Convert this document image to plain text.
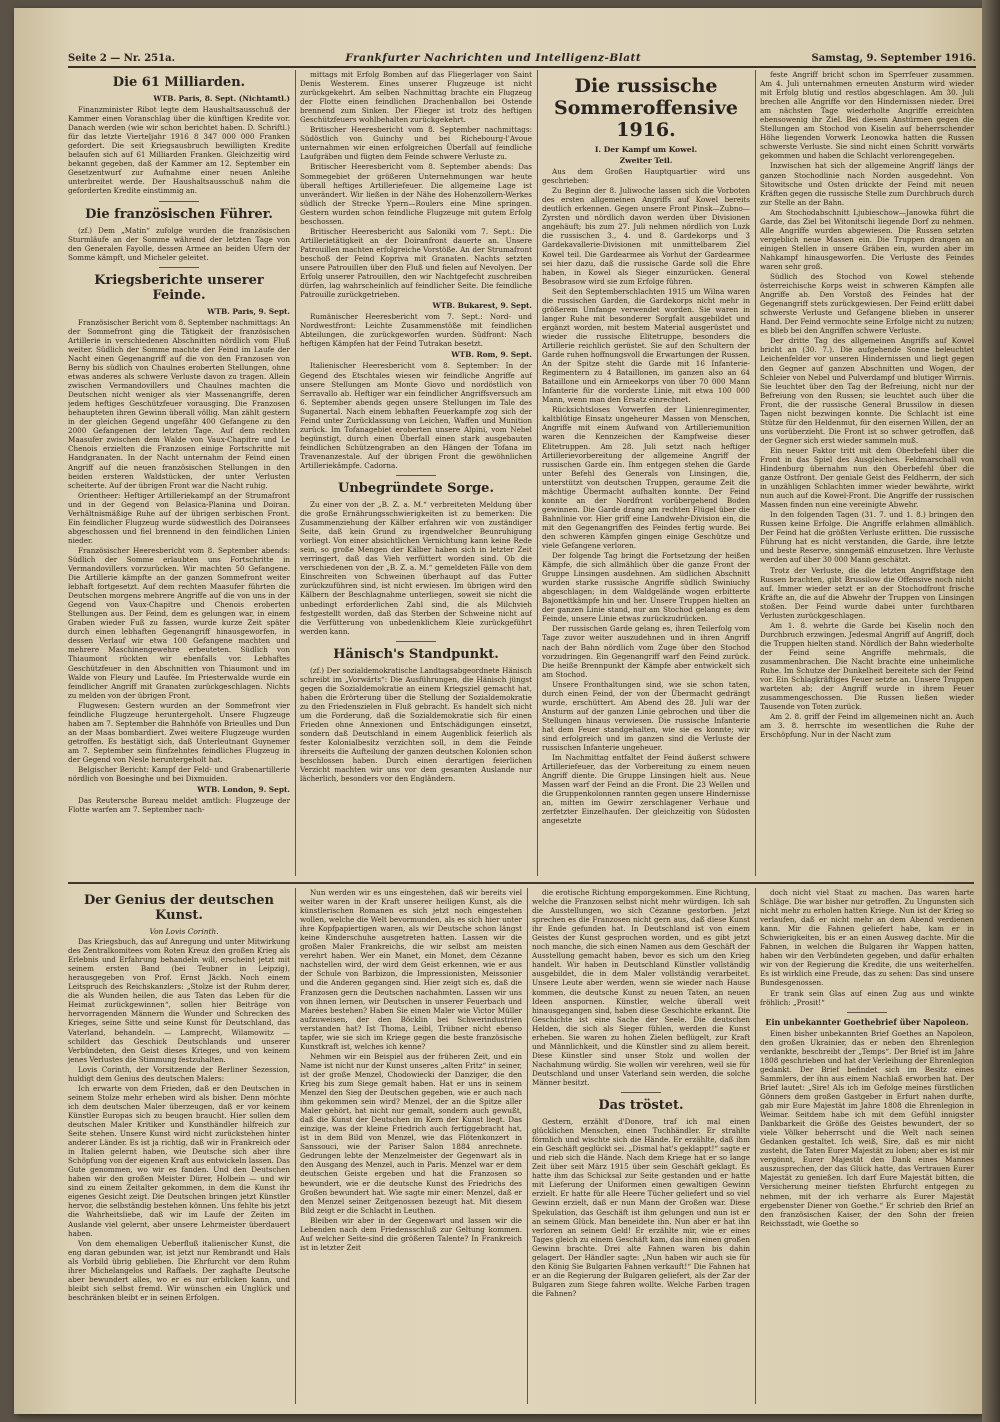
Seite 2 — Nr. 251a.	Frankfurter Nachrichten und Intelligenz-Blatt	Samstag, 9. September 1916.
Die 61 Milliarden.

WTB. Paris, 8. Sept. (Nichtamtl.)

Finanzminister Ribot legte dem Haushaltsausschuß der Kammer einen Voranschlag über die künftigen Kredite vor. Danach werden (wie wir schon berichtet haben. D. Schriftl.) für das letzte Vierteljahr 1916 8 347 000 000 Franken gefordert. Die seit Kriegsausbruch bewilligten Kredite belaufen sich auf 61 Milliarden Franken. Gleichzeitig wird bekannt gegeben, daß der Kammer am 12. September ein Gesetzentwurf zur Aufnahme einer neuen Anleihe unterbreitet werde. Der Haushaltsausschuß nahm die geforderten Kredite einstimmig an.

Die französischen Führer.

(zf.) Dem „Matin“ zufolge wurden die französischen Sturmläufe an der Somme während der letzten Tage von den Generalen Fayolle, dessen Armee an beiden Ufern der Somme kämpft, und Micheler geleitet.

Kriegsberichte unserer Feinde.

WTB. Paris, 9. Sept.

Französischer Bericht vom 8. September nachmittags: An der Sommefront ging die Tätigkeit der französischen Artillerie in verschiedenen Abschnitten nördlich vom Fluß weiter. Südlich der Somme machte der Feind im Laufe der Nacht einen Gegenangriff auf die von den Franzosen von Berny bis südlich von Chaulnes eroberten Stellungen, ohne etwas anderes als schwere Verluste davon zu tragen. Allein zwischen Vermandovillers und Chaulnes machten die Deutschen nicht weniger als vier Massenangriffe, deren jedem heftiges Geschützfeuer vorausging. Die Franzosen behaupteten ihren Gewinn überall völlig. Man zählt gestern in der gleichen Gegend ungefähr 400 Gefangene zu den 2000 Gefangenen der letzten Tage. Auf dem rechten Maasufer zwischen dem Walde von Vaux-Chapitre und Le Chenois erzielten die Franzosen einige Fortschritte mit Handgranaten. In der Nacht unternahm der Feind einen Angriff auf die neuen französischen Stellungen in den beiden ersteren Waldstücken, der unter Verlusten scheiterte. Auf der übrigen Front war die Nacht ruhig.

Orientheer: Heftiger Artilleriekampf an der Strumafront und in der Gegend von Belasica-Planina und Doiran. Verhältnismäßige Ruhe auf der übrigen serbischen Front. Ein feindlicher Flugzeug wurde südwestlich des Doiransees abgeschossen und fiel brennend in den feindlichen Linien nieder.

Französischer Heeresbericht vom 8. September abends: Südlich der Somme erlaubten uns Fortschritte in Vermandovillers vorzurücken. Wir machten 50 Gefangene. Die Artillerie kämpfte an der ganzen Sommefront weiter lebhaft fortgesetzt. Auf dem rechten Maasufer führten die Deutschen morgens mehrere Angriffe auf die von uns in der Gegend von Vaux-Chapitre und Chenois eroberten Stellungen aus. Der Feind, dem es gelungen war, in einem Graben wieder Fuß zu fassen, wurde kurze Zeit später durch einen lebhaften Gegenangriff hinausgeworfen, in dessen Verlauf wir etwa 100 Gefangene machten und mehrere Maschinengewehre erbeuteten. Südlich von Thiaumont rückten wir ebenfalls vor. Lebhaftes Geschützfeuer in den Abschnitten von Thiaumont und im Walde von Fleury und Laufée. Im Priesterwalde wurde ein feindlicher Angriff mit Granaten zurückgeschlagen. Nichts zu melden von der übrigen Front.

Flugwesen: Gestern wurden an der Sommefront vier feindliche Flugzeuge heruntergeholt. Unsere Flugzeuge haben am 7. September die Bahnhöfe von Brieulles und Dun an der Maas bombardiert. Zwei weitere Flugzeuge wurden getroffen. Es bestätigt sich, daß Unterleutnant Guynemer am 7. September sein fünfzehntes feindliches Flugzeug in der Gegend von Nesle heruntergeholt hat.

Belgischer Bericht: Kampf der Feld- und Grabenartillerie nördlich von Boesinghe und bei Dixmuiden.

WTB. London, 9. Sept.

Das Reutersche Bureau meldet amtlich: Flugzeuge der Flotte warfen am 7. September nach-

mittags mit Erfolg Bomben auf das Fliegerlager von Saint Denis Westerem. Eines unserer Flugzeuge ist nicht zurückgekehrt. Am selben Nachmittag brachte ein Flugzeug der Flotte einen feindlichen Drachenballon bei Ostende brennend zum Sinken. Der Flieger ist trotz des heftigen Geschützfeuers wohlbehalten zurückgekehrt.

Britischer Heeresbericht vom 8. September nachmittags: Südöstlich von Guinchy und bei Richebourg-l'Avoue unternahmen wir einen erfolgreichen Überfall auf feindliche Laufgräben und fügten dem Feinde schwere Verluste zu.

Britischer Heeresbericht vom 8. September abends: Das Sommegebiet der größeren Unternehmungen war heute überall heftiges Artilleriefeuer. Die allgemeine Lage ist unverändert. Wir ließen in der Nähe des Hohenzollern-Werkes südlich der Strecke Ypern—Roulers eine Mine springen. Gestern wurden schon feindliche Flugzeuge mit gutem Erfolg beschossen.

Britischer Heeresbericht aus Saloniki vom 7. Sept.: Die Artillerietätigkeit an der Doiranfront dauerte an. Unsere Patrouillen machten erfolgreiche Vorstöße. An der Strumafront beschoß der Feind Kopriva mit Granaten. Nachts setzten unsere Patrouillen über den Fluß und fielen auf Nevolyen. Der Erfolg unserer Patrouillen, den wir Nachtgefecht zuschreiben dürfen, lag wahrscheinlich auf feindlicher Seite. Die feindliche Patrouille zurückgetrieben.

WTB. Bukarest, 9. Sept.

Rumänischer Heeresbericht vom 7. Sept.: Nord- und Nordwestfront: Leichte Zusammenstöße mit feindlichen Abteilungen, die zurückgeworfen wurden. Südfront: Nach heftigen Kämpfen hat der Feind Tutrakan besetzt.

WTB. Rom, 9. Sept.

Italienischer Heeresbericht vom 8. September: In der Gegend des Etschtales wiesen wir feindliche Angriffe auf unsere Stellungen am Monte Giovo und nordöstlich von Serravallo ab. Heftiger war ein feindlicher Angriffsversuch am 6. September abends gegen unsere Stellungen im Tale des Suganertal. Nach einem lebhaften Feuerkampfe zog sich der Feind unter Zurücklassung von Leichen, Waffen und Munition zurück. Im Tofanagebiet eroberten unsere Alpini, vom Nebel begünstigt, durch einen Überfall einen stark ausgebauten feindlichen Schützengraben an den Hängen der Tofana im Travenanzestale. Auf der übrigen Front die gewöhnlichen Artilleriekämpfe. Cadorna.

Unbegründete Sorge.

Zu einer von der „B. Z. a. M.“ verbreiteten Meldung über die große Ernährungsschwierigkeiten ist zu bemerken: Die Zusammenziehung der Kälber erfahren wir von zuständiger Seite, daß kein Grund zu irgendwelcher Beunruhigung vorliegt. Von einer absichtlichen Vernichtung kann keine Rede sein, so große Mengen der Kälber haben sich in letzter Zeit verringert, daß das Vieh verfüttert worden sind. Ob die verschiedenen von der „B. Z. a. M.“ gemeldeten Fälle von dem Einschreiten von Schweinen überhaupt auf das Futter zurückzuführen sind, ist nicht erwiesen. Im übrigen wird den Kälbern der Beschlagnahme unterliegen, soweit sie nicht die unbedingt erforderlichen Zahl sind, die als Milchvieh festgestellt worden, daß das Sterben der Schweine nicht auf die Verfütterung von unbedenklichem Kleie zurückgeführt werden kann.

Hänisch's Standpunkt.

(zf.) Der sozialdemokratische Landtagsabgeordnete Hänisch schreibt im „Vorwärts“: Die Ausführungen, die Hänisch jüngst gegen die Sozialdemokratie an einem Kriegsziel gemacht hat, haben die Erörterung über die Stellung der Sozialdemokratie zu den Friedenszielen in Fluß gebracht. Es handelt sich nicht um die Forderung, daß die Sozialdemokratie sich für einen Frieden ohne Annexionen und Entschädigungen einsetzt, sondern daß Deutschland in einem Augenblick feierlich als fester Kolonialbesitz verzichten soll, in dem die Feinde ihrerseits die Aufteilung der ganzen deutschen Kolonien schon beschlossen haben. Durch einen derartigen feierlichen Verzicht machten wir uns vor dem gesamten Auslande nur lächerlich, besonders vor den Engländern.

Die russische Sommeroffensive 1916.
I. Der Kampf um Kowel.
Zweiter Teil.

Aus dem Großen Hauptquartier wird uns geschrieben:

Zu Beginn der 8. Juliwoche lassen sich die Vorboten des ersten allgemeinen Angriffs auf Kowel bereits deutlich erkennen. Gegen unsere Front Pinsk—Zubno—Zyrsten und nördlich davon werden über Divisionen angehäuft; bis zum 27. Juli nehmen nördlich von Luzk die russischen 3., 4. und 8. Gardekorps und 3 Gardekavallerie-Divisionen mit unmittelbarem Ziel Kowel teil. Die Gardearmee als Vorhut der Gardearmee sei hier dazu, daß die russische Garde soll die Ehre haben, in Kowel als Sieger einzurücken. General Besobrasow wird sie zum Erfolge führen.

Seit den Septemberschlachten 1915 um Wilna waren die russischen Garden, die Gardekorps nicht mehr in größerem Umfange verwendet worden. Sie waren in langer Ruhe mit besonderer Sorgfalt ausgebildet und ergänzt worden, mit bestem Material ausgerüstet und wieder die russische Elitetruppe, besonders die Artillerie reichlich gerüstet. Sie auf den Schultern der Garde ruhen hoffnungsvoll die Erwartungen der Russen. An der Spitze steht die Garde mit 16 Infanterie-Regimentern zu 4 Bataillonen, im ganzen also an 64 Bataillone und ein Armeekorps von über 70 000 Mann Infanterie für die vorderste Linie, mit etwa 100 000 Mann, wenn man den Ersatz einrechnet.

Rücksichtsloses Vorwerfen der Linienregimenter, kaltblütige Einsatz ungeheurer Massen von Menschen, Angriffe mit einem Aufwand von Artilleriemunition waren die Kennzeichen der Kampfweise dieser Elitetruppen. Am 28. Juli setzt nach heftiger Artillerievorbereitung der allgemeine Angriff der russischen Garde ein. Ihm entgegen stehen die Garde unter Befehl des Generals von Linsingen, die, unterstützt von deutschen Truppen, geraume Zeit die mächtige Übermacht aufhalten konnte. Der Feind konnte an der Nordfront vorübergehend Boden gewinnen. Die Garde drang am rechten Flügel über die Bahnlinie vor. Hier griff eine Landwehr-Division ein, die mit den Gegenangriffen des Feindes fertig wurde. Bei den schweren Kämpfen gingen einige Geschütze und viele Gefangene verloren.

Der folgende Tag bringt die Fortsetzung der heißen Kämpfe, die sich allmählich über die ganze Front der Gruppe Linsingen ausdehnen. Am südlichen Abschnitt wurden starke russische Angriffe südlich Swiniuchy abgeschlagen; in dem Waldgelände wogen erbitterte Bajonettkämpfe hin und her. Unsere Truppen hielten an der ganzen Linie stand, nur am Stochod gelang es dem Feinde, unsere Linie etwas zurückzudrücken.

Der russischen Garde gelang es, ihren Teilerfolg vom Tage zuvor weiter auszudehnen und in ihren Angriff nach der Bahn nördlich vom Zuge über den Stochod vorzudringen. Ein Gegenangriff warf den Feind zurück. Die heiße Brennpunkt der Kämpfe aber entwickelt sich am Stochod.

Unsere Fronthaltungen sind, wie sie schon taten, durch einen Feind, der von der Übermacht gedrängt wurde, erschüttert. Am Abend des 28. Juli war der Ansturm auf der ganzen Linie gebrochen und über die Stellungen hinaus verwiesen. Die russische Infanterie hat dem Feuer standgehalten, wie sie es konnte; wir sind erfolgreich und im ganzen sind die Verluste der russischen Infanterie ungeheuer.

Im Nachmittag entfaltet der Feind äußerst schwere Artilleriefeuer, das der Vorbereitung zu einem neuen Angriff diente. Die Gruppe Linsingen hielt aus. Neue Massen warf der Feind an die Front. Die 23 Wellen und die Gruppenkolonnen rannten gegen unsere Hindernisse an, mitten im Gewirr zerschlagener Verhaue und zerfetzter Einzelhaufen. Der gleichzeitig von Südosten angesetzte

feste Angriff bricht schon im Sperrfeuer zusammen. Am 4. Juli unternahmen erneuten Ansturm wird wieder mit Erfolg blutig und restlos abgeschlagen. Am 30. Juli brechen alle Angriffe vor den Hindernissen nieder. Drei am nächsten Tage wiederholte Angriffe erreichten ebensowenig ihr Ziel. Bei diesem Anstürmen gegen die Stellungen am Stochod von Kiselin auf beherrschender Höhe liegenden Vorwerk Leonowka hatten die Russen schwerste Verluste. Sie sind nicht einen Schritt vorwärts gekommen und haben die Schlacht verlorengegeben.

Inzwischen hat sich der allgemeine Angriff längs der ganzen Stochodlinie nach Norden ausgedehnt. Von Sitowitsche und Osten drückte der Feind mit neuen Kräften gegen die russische Stelle zum Durchbruch durch zur Stelle an der Bahn.

Am Stochodabschnitt Ljubieschow—Janowka führt die Garde, das Ziel bei Witonitschi liegende Dorf zu nehmen. Alle Angriffe wurden abgewiesen. Die Russen setzten vergeblich neue Massen ein. Die Truppen drangen an einigen Stellen in unsere Gräben ein, wurden aber im Nahkampf hinausgeworfen. Die Verluste des Feindes waren sehr groß.

Südlich des Stochod von Kowel stehende österreichische Korps weist in schweren Kämpfen alle Angriffe ab. Den Vorstoß des Feindes hat der Gegenangriff stets zurückgewiesen. Der Feind erlitt dabei schwerste Verluste und Gefangene blieben in unserer Hand. Der Feind vermochte seine Erfolge nicht zu nutzen; es blieb bei den Angriffen schwere Verluste.

Der dritte Tag des allgemeinen Angriffs auf Kowel bricht an (30. 7.). Die aufgehende Sonne beleuchtet Leichenfelder vor unseren Hindernissen und liegt gegen den Gegner auf ganzen Abschnitten und Wogen, der Schleier von Nebel und Pulverdampf und blutiger Wirrnis. Sie leuchtet über den Tag der Befreiung, nicht nur der Befreiung von den Russen; sie leuchtet auch über die Front, die der russische General Brussilow in diesen Tagen nicht bezwingen konnte. Die Schlacht ist eine Stütze für den Heldenmut, für den eisernen Willen, der an uns vorüberzieht. Die Front ist so schwer getroffen, daß der Gegner sich erst wieder sammeln muß.

Ein neuer Faktor tritt mit dem Oberbefehl über die Front in das Spiel des Ausgleiches. Feldmarschall von Hindenburg übernahm nun den Oberbefehl über die ganze Ostfront. Der geniale Geist des Feldherrn, der sich in unzähligen Schlachten immer wieder bewährte, wirkt nun auch auf die Kowel-Front. Die Angriffe der russischen Massen finden nun eine vereinigte Abwehr.

In den folgenden Tagen (31. 7. und 1. 8.) bringen den Russen keine Erfolge. Die Angriffe erlahmen allmählich. Der Feind hat die größten Verluste erlitten. Die russische Führung hat es nicht verstanden, die Garde, ihre letzte und beste Reserve, sinngemäß einzusetzen. Ihre Verluste werden auf über 30 000 Mann geschätzt.

Trotz der Verluste, die die letzten Angriffstage den Russen brachten, gibt Brussilow die Offensive noch nicht auf. Immer wieder setzt er an der Stochodfront frische Kräfte an, die auf die Abwehr der Truppen von Linsingen stoßen. Der Feind wurde dabei unter furchtbaren Verlusten zurückgeschlagen.

Am 1. 8. wehrte die Garde bei Kiselin noch den Durchbruch erzwingen. Jedesmal Angriff auf Angriff, doch die Truppen hielten stand. Nördlich der Bahn wiederholte der Feind seine Angriffe mehrmals, die zusammenbrachen. Die Nacht brachte eine unheimliche Ruhe. Im Schutze der Dunkelheit bereitete sich der Feind vor. Ein Schlagkräftiges Feuer setzte an. Unsere Truppen warteten ab; der Angriff wurde in ihrem Feuer zusammengeschossen. Die Russen ließen wieder Tausende von Toten zurück.

Am 2. 8. griff der Feind im allgemeinen nicht an. Auch am 3. 8. herrschte im wesentlichen die Ruhe der Erschöpfung. Nur in der Nacht zum

Der Genius der deutschen Kunst.

Von Lovis Corinth.

Das Kriegsbuch, das auf Anregung und unter Mitwirkung des Zentralkomitees vom Roten Kreuz den großen Krieg als Erlebnis und Erfahrung behandeln will, erscheint jetzt mit seinem ersten Band (bei Teubner in Leipzig), herausgegeben von Prof. Ernst Jäckh. Noch einem Leitspruch des Reichskanzlers: „Stolze ist der Ruhm derer, die als Wunden heilen, die aus Taten das Leben für die Heimat zurückgewinnen“, sollen hier Beiträge von hervorragenden Männern die Wunder und Schrecken des Krieges, seine Sitte und seine Kunst für Deutschland, das Vaterland, behandeln. — Lamprecht, Wilamowitz — schildert das Geschick Deutschlands und unserer Verbündeten, den Geist dieses Krieges, und von keinem jenes Verlustes die Stimmung festzuhalten.

Lovis Corinth, der Vorsitzende der Berliner Sezession, huldigt dem Genius des deutschen Malers:

Ich erwarte von dem Frieden, daß er den Deutschen in seinem Stolze mehr erheben wird als bisher. Denn möchte ich dem deutschen Maler überzeugen, daß er vor keinem Künstler Europas sich zu beugen braucht. Hier sollen dem deutschen Maler Kritiker und Kunsthändler hilfreich zur Seite stehen. Unsere Kunst wird nicht zurückstehen hinter anderer Länder. Es ist ja richtig, daß wir in Frankreich oder in Italien gelernt haben, wie Deutsche sich aber ihre Schöpfung von der eigenen Kraft aus entwickeln lassen. Das Gute genommen, wo wir es fanden. Und den Deutschen haben wir den großen Meister Dürer, Holbein — und wir sind zu einem Zeitalter gekommen, in dem die Kunst ihr eigenes Gesicht zeigt. Die Deutschen bringen jetzt Künstler hervor, die selbständig bestehen können. Uns fehlte bis jetzt die Wahrheitsliebe, daß wir im Laufe der Zeiten im Auslande viel gelernt, aber unsere Lehrmeister überdauert haben.

Von dem ehemaligen Ueberfluß italienischer Kunst, die eng daran gebunden war, ist jetzt nur Rembrandt und Hals als Vorbild übrig geblieben. Die Ehrfurcht vor dem Ruhm ihrer Michelangelos und Raffaels. Der zaghafte Deutsche aber bewundert alles, wo er es nur erblicken kann, und bleibt sich selbst fremd. Wir wünschen ein Unglück und beschränken bleibt er in seinen Erfolgen.

Nun werden wir es uns eingestehen, daß wir bereits viel weiter waren in der Kraft unserer heiligen Kunst, als die künstlerischen Romanen es sich jetzt noch eingestehen wollen, welche die Welt bevormunden, als es sich hier unter ihre Kopfpapiertigen waren, als wir Deutsche schon längst keine Kinderschuhe ausgetreten hatten. Lassen wir die großen Maler Frankreichs, die wir selbst am meisten verehrt haben. Wer ein Manet, ein Monet, dem Cézanne nachstellen wird, der wird dem Geist erkennen, wie er aus der Schule von Barbizon, die Impressionisten, Meissonier und die Anderen gegangen sind. Hier zeigt sich es, daß die Franzosen gern die Deutschen nachahmten. Lassen wir uns von ihnen lernen, wir Deutschen in unserer Feuerbach und Marées bestehen? Haben Sie einen Maler wie Victor Müller aufzuweisen, der den Böcklin bei Schwerindustrien verstanden hat? Ist Thoma, Leibl, Trübner nicht ebenso tapfer, wie sie sich im Kriege gegen die beste französische Kunstkraft ist, welches ich kenne?

Nehmen wir ein Beispiel aus der früheren Zeit, und ein Name ist nicht nur der Kunst unseres „alten Fritz“ in seiner, ist der große Menzel, Chodowiecki der Danziger, die den Krieg bis zum Siege gemalt haben. Hat er uns in seinem Menzel den Sieg der Deutschen gegeben, wie er auch nach ihm gekommen sein wird? Menzel, der an die Spitze aller Maler gehört, hat nicht nur gemalt, sondern auch gewußt, daß die Kunst der Deutschen im Kern der Kunst liegt. Das einzige, was der kleine Friedrich auch fertiggebracht hat, ist in dem Bild von Menzel, wie das Flötenkonzert in Sanssouci, wie der Pariser Salon 1884 anrechnete. Gedrungen lebte der Menzelmeister der Gegenwart als in den Ausgang des Menzel, auch in Paris. Menzel war er dem deutschen Geiste ergeben und hat die Franzosen so bewundert, wie er die deutsche Kunst des Friedrichs des Großen bewundert hat. Wie sagte mir einer: Menzel, daß er den Menzel seiner Zeitgenossen bezeugt hat. Mit diesem Bild zeigt er die Schlacht in Leuthen.

Bleiben wir aber in der Gegenwart und lassen wir die Lebenden nach dem Friedensschluß zur Geltung kommen. Auf welcher Seite-sind die größeren Talente? In Frankreich ist in letzter Zeit

die erotische Richtung emporgekommen. Eine Richtung, welche die Franzosen selbst nicht mehr würdigen. Ich sah die Ausstellungen, wo sich Cézanne gestorben. Jetzt sprechen es die Franzosen nicht gern aus, daß diese Kunst ihr Ende gefunden hat. In Deutschland ist von einem Geistes der Kunst gesprochen worden, und es gibt jetzt noch manche, die sich einen Namen aus dem Geschäft der Ausstellung gemacht haben, bevor es sich um den Krieg handelt. Wir haben in Deutschland Künstler vollständig ausgebildet, die in dem Maler vollständig verarbeitet. Unsere Leute aber werden, wenn sie wieder nach Hause kommen, die deutsche Kunst zu neuen Taten, an neuen Ideen anspornen. Künstler, welche überall weit hinausgegangen sind, haben diese Geschichte erkannt. Die Geschichte ist eine Sache der Seele. Die deutschen Helden, die sich als Sieger fühlen, werden die Kunst erheben. Sie waren zu hohen Zielen beflügelt, zur Kraft und Männlichkeit, und die Künstler sind zu allem bereit. Diese Künstler sind unser Stolz und wollen der Nachahmung würdig. Sie wollen wir verehren, weil sie für Deutschland und unser Vaterland sein werden, die solche Männer besitzt.

Das tröstet.

Gestern, erzählt d'Donore, traf ich mal einen glücklichen Menschen, einen Tuchhändler. Er strahlte förmlich und wischte sich die Hände. Er erzählte, daß ihm ein Geschäft geglückt sei. „Dismal hat's geklappt!“ sagte er und rieb sich die Hände. Nach dem Kriege hat er so lange Zeit über seit März 1915 über sein Geschäft geklagt. Es hatte ihm das Schicksal zur Seite gestanden und er hatte mit Lieferung der Uniformen einen gewaltigen Gewinn erzielt. Er hatte für alle Heere Tücher geliefert und so viel Gewinn erzielt, daß er nun Mann der Großen war. Diese Spekulation, das Geschäft ist ihm gelungen und nun ist er an seinem Glück. Man beneidete ihn. Nun aber er hat ihn verloren an seinem Geld! Er erzählte mir, wie er eines Tages gleich zu einem Geschäft kam, das ihm einen großen Gewinn brachte. Drei alte Fahnen waren bis dahin gelagert. Der Händler sagte: „Nun haben wir auch sie für den König Sie Bulgarien Fahnen verkauft!“ Die Fahnen hat er an die Regierung der Bulgaren geliefert, als der Zar der Bulgaren zum Siege fahren wollte. Welche Farben tragen die Fahnen?

doch nicht viel Staat zu machen. Das waren harte Schläge. Die war bisher nur getroffen. Zu Ungunsten sich nicht mehr zu erholen hatten Kriege. Nun ist der Krieg so verlaufen, daß er nicht mehr an dem Abend verdienen kann. Mir die Fahnen geliefert habe, kam er in Schwierigkeiten, bis er an einen Ausweg dachte. Mir die Fahnen, in welchen die Bulgaren ihr Wappen hatten, haben wir den Verbündeten gegeben, und dafür erhalten wir von der Regierung die Kredite, die uns weiterhelfen. Es ist wirklich eine Freude, das zu sehen: Das sind unsere Bundesgenossen.

Er trank sein Glas auf einen Zug aus und winkte fröhlich: „Prosit!“

Ein unbekannter Goethebrief über Napoleon.

Einen bisher unbekannten Brief Goethes an Napoleon, den großen Ukrainier, das er neben den Ehrenlegion verdankte, beschreibt der „Temps“. Der Brief ist im Jahre 1808 geschrieben und hat der Verleihung der Ehrenlegion gedankt. Der Brief befindet sich im Besitz eines Sammlers, der ihn aus einem Nachlaß erworben hat. Der Brief lautet: „Sire! Als ich im Gefolge meines fürstlichen Gönners dem großen Gastgeber in Erfurt nahen durfte, gab mir Eure Majestät im Jahre 1808 die Ehrenlegion in Weimar. Seitdem habe ich mit dem Gefühl innigster Dankbarkeit die Größe des Geistes bewundert, der so viele Völker beherrscht und die Welt nach seinen Gedanken gestaltet. Ich weiß, Sire, daß es mir nicht zusteht, die Taten Eurer Majestät zu loben; aber es ist mir vergönnt, Eurer Majestät den Dank eines Mannes auszusprechen, der das Glück hatte, das Vertrauen Eurer Majestät zu genießen. Ich darf Eure Majestät bitten, die Versicherung meiner tiefsten Ehrfurcht entgegen zu nehmen, mit der ich verharre als Eurer Majestät ergebenster Diener von Goethe.“ Er schrieb den Brief an den französischen Kaiser, der den Sohn der freien Reichsstadt, wie Goethe so
